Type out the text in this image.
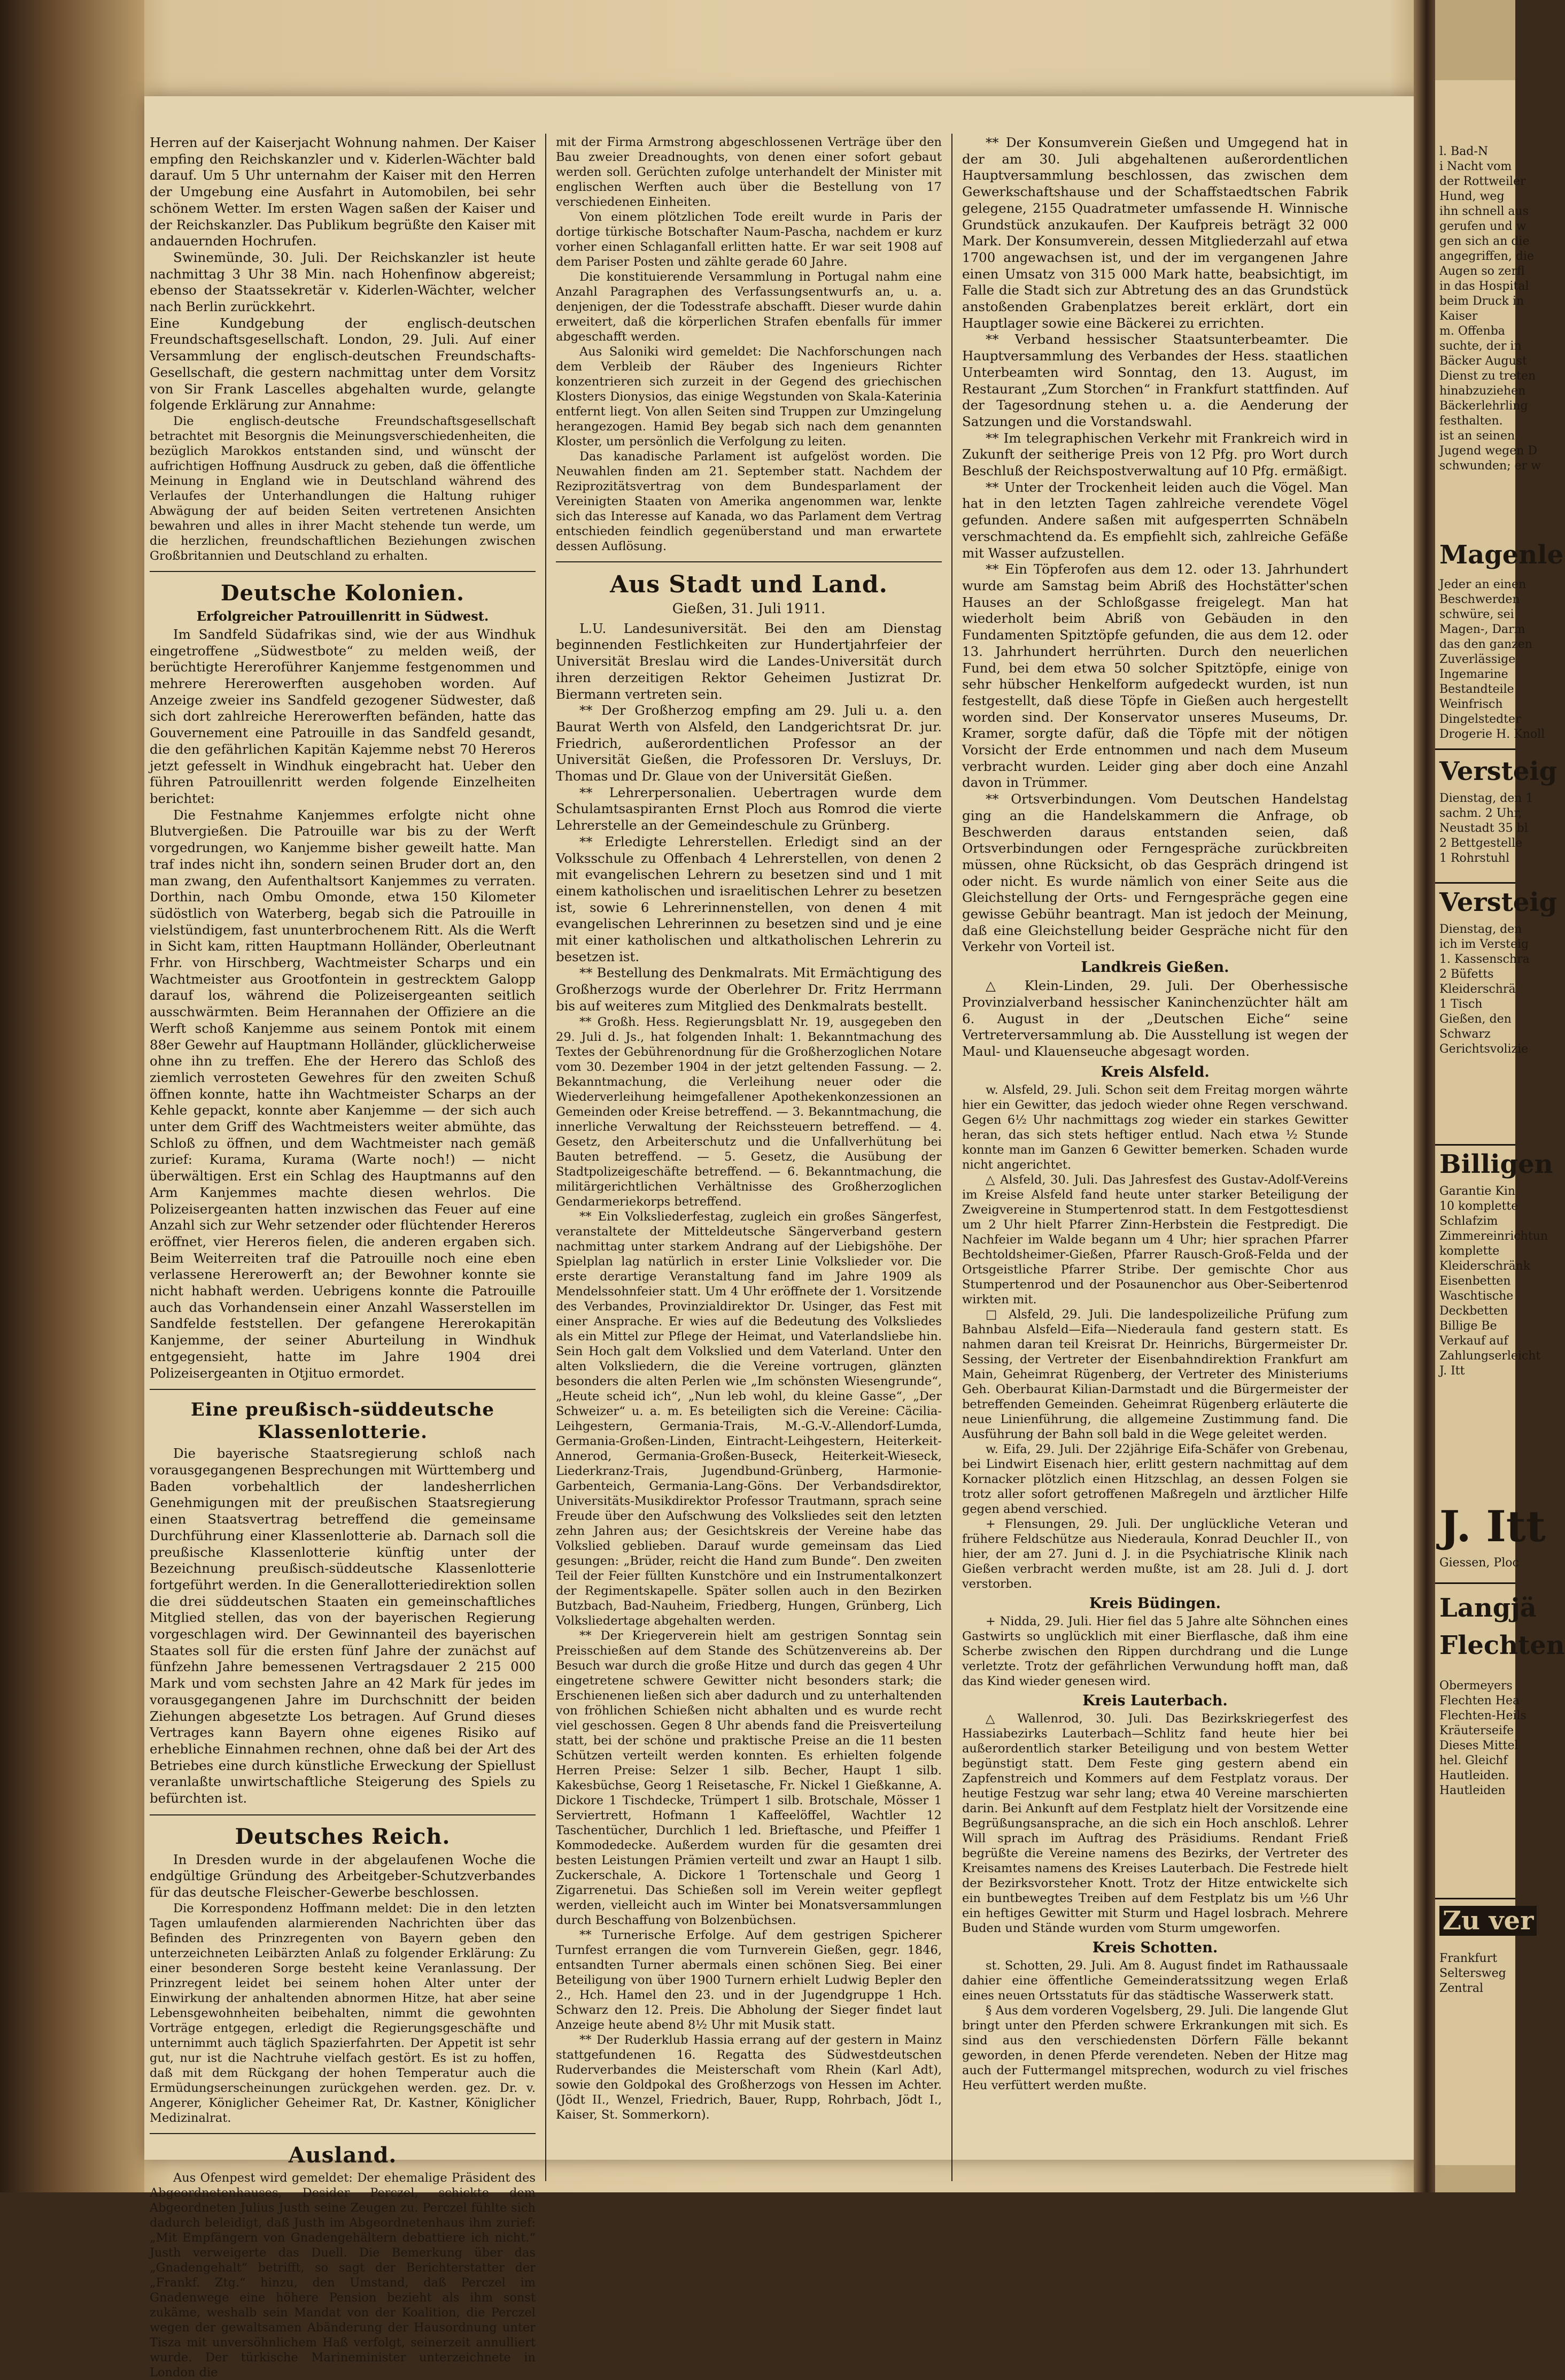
Herren auf der Kaiserjacht Wohnung nahmen. Der Kaiser empfing den Reichskanzler und v. Kiderlen-Wächter bald darauf. Um 5 Uhr unternahm der Kaiser mit den Herren der Umgebung eine Ausfahrt in Automobilen, bei sehr schönem Wetter. Im ersten Wagen saßen der Kaiser und der Reichskanzler. Das Publikum begrüßte den Kaiser mit andauernden Hochrufen.

Swinemünde, 30. Juli. Der Reichskanzler ist heute nachmittag 3 Uhr 38 Min. nach Hohenfinow abgereist; ebenso der Staatssekretär v. Kiderlen-Wächter, welcher nach Berlin zurückkehrt.

Eine Kundgebung der englisch-deutschen Freundschaftsgesellschaft. London, 29. Juli. Auf einer Versammlung der englisch-deutschen Freundschafts-Gesellschaft, die gestern nachmittag unter dem Vorsitz von Sir Frank Lascelles abgehalten wurde, gelangte folgende Erklärung zur Annahme:

Die englisch-deutsche Freundschaftsgesellschaft betrachtet mit Besorgnis die Meinungsverschiedenheiten, die bezüglich Marokkos entstanden sind, und wünscht der aufrichtigen Hoffnung Ausdruck zu geben, daß die öffentliche Meinung in England wie in Deutschland während des Verlaufes der Unterhandlungen die Haltung ruhiger Abwägung der auf beiden Seiten vertretenen Ansichten bewahren und alles in ihrer Macht stehende tun werde, um die herzlichen, freundschaftlichen Beziehungen zwischen Großbritannien und Deutschland zu erhalten.

Deutsche Kolonien.
Erfolgreicher Patrouillenritt in Südwest.

Im Sandfeld Südafrikas sind, wie der aus Windhuk eingetroffene „Südwestbote“ zu melden weiß, der berüchtigte Hereroführer Kanjemme festgenommen und mehrere Hererowerften ausgehoben worden. Auf Anzeige zweier ins Sandfeld gezogener Südwester, daß sich dort zahlreiche Hererowerften befänden, hatte das Gouvernement eine Patrouille in das Sandfeld gesandt, die den gefährlichen Kapitän Kajemme nebst 70 Hereros jetzt gefesselt in Windhuk eingebracht hat. Ueber den führen Patrouillenritt werden folgende Einzelheiten berichtet:

Die Festnahme Kanjemmes erfolgte nicht ohne Blutvergießen. Die Patrouille war bis zu der Werft vorgedrungen, wo Kanjemme bisher geweilt hatte. Man traf indes nicht ihn, sondern seinen Bruder dort an, den man zwang, den Aufenthaltsort Kanjemmes zu verraten. Dorthin, nach Ombu Omonde, etwa 150 Kilometer südöstlich von Waterberg, begab sich die Patrouille in vielstündigem, fast ununterbrochenem Ritt. Als die Werft in Sicht kam, ritten Hauptmann Holländer, Oberleutnant Frhr. von Hirschberg, Wachtmeister Scharps und ein Wachtmeister aus Grootfontein in gestrecktem Galopp darauf los, während die Polizeisergeanten seitlich ausschwärmten. Beim Herannahen der Offiziere an die Werft schoß Kanjemme aus seinem Pontok mit einem 88er Gewehr auf Hauptmann Holländer, glücklicherweise ohne ihn zu treffen. Ehe der Herero das Schloß des ziemlich verrosteten Gewehres für den zweiten Schuß öffnen konnte, hatte ihn Wachtmeister Scharps an der Kehle gepackt, konnte aber Kanjemme — der sich auch unter dem Griff des Wachtmeisters weiter abmühte, das Schloß zu öffnen, und dem Wachtmeister nach gemäß zurief: Kurama, Kurama (Warte noch!) — nicht überwältigen. Erst ein Schlag des Hauptmanns auf den Arm Kanjemmes machte diesen wehrlos. Die Polizeisergeanten hatten inzwischen das Feuer auf eine Anzahl sich zur Wehr setzender oder flüchtender Hereros eröffnet, vier Hereros fielen, die anderen ergaben sich. Beim Weiterreiten traf die Patrouille noch eine eben verlassene Hererowerft an; der Bewohner konnte sie nicht habhaft werden. Uebrigens konnte die Patrouille auch das Vorhandensein einer Anzahl Wasserstellen im Sandfelde feststellen. Der gefangene Hererokapitän Kanjemme, der seiner Aburteilung in Windhuk entgegensieht, hatte im Jahre 1904 drei Polizeisergeanten in Otjituo ermordet.

Eine preußisch-süddeutsche Klassenlotterie.

Die bayerische Staatsregierung schloß nach vorausgegangenen Besprechungen mit Württemberg und Baden vorbehaltlich der landesherrlichen Genehmigungen mit der preußischen Staatsregierung einen Staatsvertrag betreffend die gemeinsame Durchführung einer Klassenlotterie ab. Darnach soll die preußische Klassenlotterie künftig unter der Bezeichnung preußisch-süddeutsche Klassenlotterie fortgeführt werden. In die Generallotteriedirektion sollen die drei süddeutschen Staaten ein gemeinschaftliches Mitglied stellen, das von der bayerischen Regierung vorgeschlagen wird. Der Gewinnanteil des bayerischen Staates soll für die ersten fünf Jahre der zunächst auf fünfzehn Jahre bemessenen Vertragsdauer 2 215 000 Mark und vom sechsten Jahre an 42 Mark für jedes im vorausgegangenen Jahre im Durchschnitt der beiden Ziehungen abgesetzte Los betragen. Auf Grund dieses Vertrages kann Bayern ohne eigenes Risiko auf erhebliche Einnahmen rechnen, ohne daß bei der Art des Betriebes eine durch künstliche Erweckung der Spiellust veranlaßte unwirtschaftliche Steigerung des Spiels zu befürchten ist.

Deutsches Reich.

In Dresden wurde in der abgelaufenen Woche die endgültige Gründung des Arbeitgeber-Schutzverbandes für das deutsche Fleischer-Gewerbe beschlossen.

Die Korrespondenz Hoffmann meldet: Die in den letzten Tagen umlaufenden alarmierenden Nachrichten über das Befinden des Prinzregenten von Bayern geben den unterzeichneten Leibärzten Anlaß zu folgender Erklärung: Zu einer besonderen Sorge besteht keine Veranlassung. Der Prinzregent leidet bei seinem hohen Alter unter der Einwirkung der anhaltenden abnormen Hitze, hat aber seine Lebensgewohnheiten beibehalten, nimmt die gewohnten Vorträge entgegen, erledigt die Regierungsgeschäfte und unternimmt auch täglich Spazierfahrten. Der Appetit ist sehr gut, nur ist die Nachtruhe vielfach gestört. Es ist zu hoffen, daß mit dem Rückgang der hohen Temperatur auch die Ermüdungserscheinungen zurückgehen werden. gez. Dr. v. Angerer, Königlicher Geheimer Rat, Dr. Kastner, Königlicher Medizinalrat.

Ausland.

Aus Ofenpest wird gemeldet: Der ehemalige Präsident des Abgeordnetenhauses, Desider Perczel, schickte dem Abgeordneten Julius Justh seine Zeugen zu. Perczel fühlte sich dadurch beleidigt, daß Justh im Abgeordnetenhaus ihm zurief: „Mit Empfängern von Gnadengehältern debattiere ich nicht.“ Justh verweigerte das Duell. Die Bemerkung über das „Gnadengehalt“ betrifft, so sagt der Berichterstatter der „Frankf. Ztg.“ hinzu, den Umstand, daß Perczel im Gnadenwege eine höhere Pension bezieht als ihm sonst zukäme, weshalb sein Mandat von der Koalition, die Perczel wegen der gewaltsamen Abänderung der Hausordnung unter Tisza mit unversöhnlichem Haß verfolgt, seinerzeit annulliert wurde. Der türkische Marineminister unterzeichnete in London die

mit der Firma Armstrong abgeschlossenen Verträge über den Bau zweier Dreadnoughts, von denen einer sofort gebaut werden soll. Gerüchten zufolge unterhandelt der Minister mit englischen Werften auch über die Bestellung von 17 verschiedenen Einheiten.

Von einem plötzlichen Tode ereilt wurde in Paris der dortige türkische Botschafter Naum-Pascha, nachdem er kurz vorher einen Schlaganfall erlitten hatte. Er war seit 1908 auf dem Pariser Posten und zählte gerade 60 Jahre.

Die konstituierende Versammlung in Portugal nahm eine Anzahl Paragraphen des Verfassungsentwurfs an, u. a. denjenigen, der die Todesstrafe abschafft. Dieser wurde dahin erweitert, daß die körperlichen Strafen ebenfalls für immer abgeschafft werden.

Aus Saloniki wird gemeldet: Die Nachforschungen nach dem Verbleib der Räuber des Ingenieurs Richter konzentrieren sich zurzeit in der Gegend des griechischen Klosters Dionysios, das einige Wegstunden von Skala-Katerinia entfernt liegt. Von allen Seiten sind Truppen zur Umzingelung herangezogen. Hamid Bey begab sich nach dem genannten Kloster, um persönlich die Verfolgung zu leiten.

Das kanadische Parlament ist aufgelöst worden. Die Neuwahlen finden am 21. September statt. Nachdem der Reziprozitätsvertrag von dem Bundesparlament der Vereinigten Staaten von Amerika angenommen war, lenkte sich das Interesse auf Kanada, wo das Parlament dem Vertrag entschieden feindlich gegenüberstand und man erwartete dessen Auflösung.

Aus Stadt und Land.
Gießen, 31. Juli 1911.

L.U. Landesuniversität. Bei den am Dienstag beginnenden Festlichkeiten zur Hundertjahrfeier der Universität Breslau wird die Landes-Universität durch ihren derzeitigen Rektor Geheimen Justizrat Dr. Biermann vertreten sein.

** Der Großherzog empfing am 29. Juli u. a. den Baurat Werth von Alsfeld, den Landgerichtsrat Dr. jur. Friedrich, außerordentlichen Professor an der Universität Gießen, die Professoren Dr. Versluys, Dr. Thomas und Dr. Glaue von der Universität Gießen.

** Lehrerpersonalien. Uebertragen wurde dem Schulamtsaspiranten Ernst Ploch aus Romrod die vierte Lehrerstelle an der Gemeindeschule zu Grünberg.

** Erledigte Lehrerstellen. Erledigt sind an der Volksschule zu Offenbach 4 Lehrerstellen, von denen 2 mit evangelischen Lehrern zu besetzen sind und 1 mit einem katholischen und israelitischen Lehrer zu besetzen ist, sowie 6 Lehrerinnenstellen, von denen 4 mit evangelischen Lehrerinnen zu besetzen sind und je eine mit einer katholischen und altkatholischen Lehrerin zu besetzen ist.

** Bestellung des Denkmalrats. Mit Ermächtigung des Großherzogs wurde der Oberlehrer Dr. Fritz Herrmann bis auf weiteres zum Mitglied des Denkmalrats bestellt.

** Großh. Hess. Regierungsblatt Nr. 19, ausgegeben den 29. Juli d. Js., hat folgenden Inhalt: 1. Bekanntmachung des Textes der Gebührenordnung für die Großherzoglichen Notare vom 30. Dezember 1904 in der jetzt geltenden Fassung. — 2. Bekanntmachung, die Verleihung neuer oder die Wiederverleihung heimgefallener Apothekenkonzessionen an Gemeinden oder Kreise betreffend. — 3. Bekanntmachung, die innerliche Verwaltung der Reichssteuern betreffend. — 4. Gesetz, den Arbeiterschutz und die Unfallverhütung bei Bauten betreffend. — 5. Gesetz, die Ausübung der Stadtpolizeigeschäfte betreffend. — 6. Bekanntmachung, die militärgerichtlichen Verhältnisse des Großherzoglichen Gendarmeriekorps betreffend.

** Ein Volksliederfestag, zugleich ein großes Sängerfest, veranstaltete der Mitteldeutsche Sängerverband gestern nachmittag unter starkem Andrang auf der Liebigshöhe. Der Spielplan lag natürlich in erster Linie Volkslieder vor. Die erste derartige Veranstaltung fand im Jahre 1909 als Mendelssohnfeier statt. Um 4 Uhr eröffnete der 1. Vorsitzende des Verbandes, Provinzialdirektor Dr. Usinger, das Fest mit einer Ansprache. Er wies auf die Bedeutung des Volksliedes als ein Mittel zur Pflege der Heimat, und Vaterlandsliebe hin. Sein Hoch galt dem Volkslied und dem Vaterland. Unter den alten Volksliedern, die die Vereine vortrugen, glänzten besonders die alten Perlen wie „Im schönsten Wiesengrunde“, „Heute scheid ich“, „Nun leb wohl, du kleine Gasse“, „Der Schweizer“ u. a. m. Es beteiligten sich die Vereine: Cäcilia-Leihgestern, Germania-Trais, M.-G.-V.-Allendorf-Lumda, Germania-Großen-Linden, Eintracht-Leihgestern, Heiterkeit-Annerod, Germania-Großen-Buseck, Heiterkeit-Wieseck, Liederkranz-Trais, Jugendbund-Grünberg, Harmonie-Garbenteich, Germania-Lang-Göns. Der Verbandsdirektor, Universitäts-Musikdirektor Professor Trautmann, sprach seine Freude über den Aufschwung des Volksliedes seit den letzten zehn Jahren aus; der Gesichtskreis der Vereine habe das Volkslied geblieben. Darauf wurde gemeinsam das Lied gesungen: „Brüder, reicht die Hand zum Bunde“. Den zweiten Teil der Feier füllten Kunstchöre und ein Instrumentalkonzert der Regimentskapelle. Später sollen auch in den Bezirken Butzbach, Bad-Nauheim, Friedberg, Hungen, Grünberg, Lich Volksliedertage abgehalten werden.

** Der Kriegerverein hielt am gestrigen Sonntag sein Preisschießen auf dem Stande des Schützenvereins ab. Der Besuch war durch die große Hitze und durch das gegen 4 Uhr eingetretene schwere Gewitter nicht besonders stark; die Erschienenen ließen sich aber dadurch und zu unterhaltenden von fröhlichen Schießen nicht abhalten und es wurde recht viel geschossen. Gegen 8 Uhr abends fand die Preisverteilung statt, bei der schöne und praktische Preise an die 11 besten Schützen verteilt werden konnten. Es erhielten folgende Herren Preise: Selzer 1 silb. Becher, Haupt 1 silb. Kakesbüchse, Georg 1 Reisetasche, Fr. Nickel 1 Gießkanne, A. Dickore 1 Tischdecke, Trümpert 1 silb. Brotschale, Mösser 1 Serviertrett, Hofmann 1 Kaffeelöffel, Wachtler 12 Taschentücher, Durchlich 1 led. Brieftasche, und Pfeiffer 1 Kommodedecke. Außerdem wurden für die gesamten drei besten Leistungen Prämien verteilt und zwar an Haupt 1 silb. Zuckerschale, A. Dickore 1 Tortenschale und Georg 1 Zigarrenetui. Das Schießen soll im Verein weiter gepflegt werden, vielleicht auch im Winter bei Monatsversammlungen durch Beschaffung von Bolzenbüchsen.

** Turnerische Erfolge. Auf dem gestrigen Spicherer Turnfest errangen die vom Turnverein Gießen, gegr. 1846, entsandten Turner abermals einen schönen Sieg. Bei einer Beteiligung von über 1900 Turnern erhielt Ludwig Bepler den 2., Hch. Hamel den 23. und in der Jugendgruppe 1 Hch. Schwarz den 12. Preis. Die Abholung der Sieger findet laut Anzeige heute abend 8½ Uhr mit Musik statt.

** Der Ruderklub Hassia errang auf der gestern in Mainz stattgefundenen 16. Regatta des Südwestdeutschen Ruderverbandes die Meisterschaft vom Rhein (Karl Adt), sowie den Goldpokal des Großherzogs von Hessen im Achter. (Jödt II., Wenzel, Friedrich, Bauer, Rupp, Rohrbach, Jödt I., Kaiser, St. Sommerkorn).

** Der Konsumverein Gießen und Umgegend hat in der am 30. Juli abgehaltenen außerordentlichen Hauptversammlung beschlossen, das zwischen dem Gewerkschaftshause und der Schaffstaedtschen Fabrik gelegene, 2155 Quadratmeter umfassende H. Winnische Grundstück anzukaufen. Der Kaufpreis beträgt 32 000 Mark. Der Konsumverein, dessen Mitgliederzahl auf etwa 1700 angewachsen ist, und der im vergangenen Jahre einen Umsatz von 315 000 Mark hatte, beabsichtigt, im Falle die Stadt sich zur Abtretung des an das Grundstück anstoßenden Grabenplatzes bereit erklärt, dort ein Hauptlager sowie eine Bäckerei zu errichten.

** Verband hessischer Staatsunterbeamter. Die Hauptversammlung des Verbandes der Hess. staatlichen Unterbeamten wird Sonntag, den 13. August, im Restaurant „Zum Storchen“ in Frankfurt stattfinden. Auf der Tagesordnung stehen u. a. die Aenderung der Satzungen und die Vorstandswahl.

** Im telegraphischen Verkehr mit Frankreich wird in Zukunft der seitherige Preis von 12 Pfg. pro Wort durch Beschluß der Reichspostverwaltung auf 10 Pfg. ermäßigt.

** Unter der Trockenheit leiden auch die Vögel. Man hat in den letzten Tagen zahlreiche verendete Vögel gefunden. Andere saßen mit aufgesperrten Schnäbeln verschmachtend da. Es empfiehlt sich, zahlreiche Gefäße mit Wasser aufzustellen.

** Ein Töpferofen aus dem 12. oder 13. Jahrhundert wurde am Samstag beim Abriß des Hochstätter'schen Hauses an der Schloßgasse freigelegt. Man hat wiederholt beim Abriß von Gebäuden in den Fundamenten Spitztöpfe gefunden, die aus dem 12. oder 13. Jahrhundert herrührten. Durch den neuerlichen Fund, bei dem etwa 50 solcher Spitztöpfe, einige von sehr hübscher Henkelform aufgedeckt wurden, ist nun festgestellt, daß diese Töpfe in Gießen auch hergestellt worden sind. Der Konservator unseres Museums, Dr. Kramer, sorgte dafür, daß die Töpfe mit der nötigen Vorsicht der Erde entnommen und nach dem Museum verbracht wurden. Leider ging aber doch eine Anzahl davon in Trümmer.

** Ortsverbindungen. Vom Deutschen Handelstag ging an die Handelskammern die Anfrage, ob Beschwerden daraus entstanden seien, daß Ortsverbindungen oder Ferngespräche zurückbreiten müssen, ohne Rücksicht, ob das Gespräch dringend ist oder nicht. Es wurde nämlich von einer Seite aus die Gleichstellung der Orts- und Ferngespräche gegen eine gewisse Gebühr beantragt. Man ist jedoch der Meinung, daß eine Gleichstellung beider Gespräche nicht für den Verkehr von Vorteil ist.

Landkreis Gießen.

△ Klein-Linden, 29. Juli. Der Oberhessische Provinzialverband hessischer Kaninchenzüchter hält am 6. August in der „Deutschen Eiche“ seine Vertreterversammlung ab. Die Ausstellung ist wegen der Maul- und Klauenseuche abgesagt worden.

Kreis Alsfeld.

w. Alsfeld, 29. Juli. Schon seit dem Freitag morgen währte hier ein Gewitter, das jedoch wieder ohne Regen verschwand. Gegen 6½ Uhr nachmittags zog wieder ein starkes Gewitter heran, das sich stets heftiger entlud. Nach etwa ½ Stunde konnte man im Ganzen 6 Gewitter bemerken. Schaden wurde nicht angerichtet.

△ Alsfeld, 30. Juli. Das Jahresfest des Gustav-Adolf-Vereins im Kreise Alsfeld fand heute unter starker Beteiligung der Zweigvereine in Stumpertenrod statt. In dem Festgottesdienst um 2 Uhr hielt Pfarrer Zinn-Herbstein die Festpredigt. Die Nachfeier im Walde begann um 4 Uhr; hier sprachen Pfarrer Bechtoldsheimer-Gießen, Pfarrer Rausch-Groß-Felda und der Ortsgeistliche Pfarrer Stribe. Der gemischte Chor aus Stumpertenrod und der Posaunenchor aus Ober-Seibertenrod wirkten mit.

□ Alsfeld, 29. Juli. Die landespolizeiliche Prüfung zum Bahnbau Alsfeld—Eifa—Niederaula fand gestern statt. Es nahmen daran teil Kreisrat Dr. Heinrichs, Bürgermeister Dr. Sessing, der Vertreter der Eisenbahndirektion Frankfurt am Main, Geheimrat Rügenberg, der Vertreter des Ministeriums Geh. Oberbaurat Kilian-Darmstadt und die Bürgermeister der betreffenden Gemeinden. Geheimrat Rügenberg erläuterte die neue Linienführung, die allgemeine Zustimmung fand. Die Ausführung der Bahn soll bald in die Wege geleitet werden.

w. Eifa, 29. Juli. Der 22jährige Eifa-Schäfer von Grebenau, bei Lindwirt Eisenach hier, erlitt gestern nachmittag auf dem Kornacker plötzlich einen Hitzschlag, an dessen Folgen sie trotz aller sofort getroffenen Maßregeln und ärztlicher Hilfe gegen abend verschied.

+ Flensungen, 29. Juli. Der unglückliche Veteran und frühere Feldschütze aus Niederaula, Konrad Deuchler II., von hier, der am 27. Juni d. J. in die Psychiatrische Klinik nach Gießen verbracht werden mußte, ist am 28. Juli d. J. dort verstorben.

Kreis Büdingen.

+ Nidda, 29. Juli. Hier fiel das 5 Jahre alte Söhnchen eines Gastwirts so unglücklich mit einer Bierflasche, daß ihm eine Scherbe zwischen den Rippen durchdrang und die Lunge verletzte. Trotz der gefährlichen Verwundung hofft man, daß das Kind wieder genesen wird.

Kreis Lauterbach.

△ Wallenrod, 30. Juli. Das Bezirkskriegerfest des Hassiabezirks Lauterbach—Schlitz fand heute hier bei außerordentlich starker Beteiligung und von bestem Wetter begünstigt statt. Dem Feste ging gestern abend ein Zapfenstreich und Kommers auf dem Festplatz voraus. Der heutige Festzug war sehr lang; etwa 40 Vereine marschierten darin. Bei Ankunft auf dem Festplatz hielt der Vorsitzende eine Begrüßungsansprache, an die sich ein Hoch anschloß. Lehrer Will sprach im Auftrag des Präsidiums. Rendant Frieß begrüßte die Vereine namens des Bezirks, der Vertreter des Kreisamtes namens des Kreises Lauterbach. Die Festrede hielt der Bezirksvorsteher Knott. Trotz der Hitze entwickelte sich ein buntbewegtes Treiben auf dem Festplatz bis um ½6 Uhr ein heftiges Gewitter mit Sturm und Hagel losbrach. Mehrere Buden und Stände wurden vom Sturm umgeworfen.

Kreis Schotten.

st. Schotten, 29. Juli. Am 8. August findet im Rathaussaale dahier eine öffentliche Gemeinderatssitzung wegen Erlaß eines neuen Ortsstatuts für das städtische Wasserwerk statt.

§ Aus dem vorderen Vogelsberg, 29. Juli. Die langende Glut bringt unter den Pferden schwere Erkrankungen mit sich. Es sind aus den verschiedensten Dörfern Fälle bekannt geworden, in denen Pferde verendeten. Neben der Hitze mag auch der Futtermangel mitsprechen, wodurch zu viel frisches Heu verfüttert werden mußte.

l. Bad-N
i Nacht vom
der Rottweiler
Hund, weg
ihn schnell aus
gerufen und w
gen sich an die
angegriffen, die
Augen so zerfl
in das Hospital
beim Druck in
Kaiser
m. Offenba
suchte, der in
Bäcker August
Dienst zu treten
hinabzuziehen
Bäckerlehrling
festhalten.
ist an seinen
Jugend wegen D
schwunden; er w
Magenle
Jeder an einen
Beschwerden
schwüre, sei
Magen-, Darm
das den ganzen
Zuverlässige
Ingemarine
Bestandteile
Weinfrisch
Dingelstedter
Drogerie H. Knoll
Versteig
Dienstag, den 1
sachm. 2 Uhr,
Neustadt 35 bl
2 Bettgestelle
1 Rohrstuhl
Versteig
Dienstag, den
ich im Versteig
1. Kassenschra
2 Büfetts
Kleiderschrä
1 Tisch
Gießen, den
Schwarz
Gerichtsvolizie
Billigen
Garantie Kin
10 komplette
Schlafzim
Zimmereinrichtun
komplette
Kleiderschränk
Eisenbetten
Waschtische
Deckbetten
Billige Be
Verkauf auf
Zahlungserleicht
J. Itt
J. Itt
Giessen, Ploc
Langjä
Flechten
Obermeyers
Flechten Hea
Flechten-Heils
Kräuterseife
Dieses Mittel
hel. Gleichf
Hautleiden.
Hautleiden
Zu ver
Frankfurt
Seltersweg
Zentral
